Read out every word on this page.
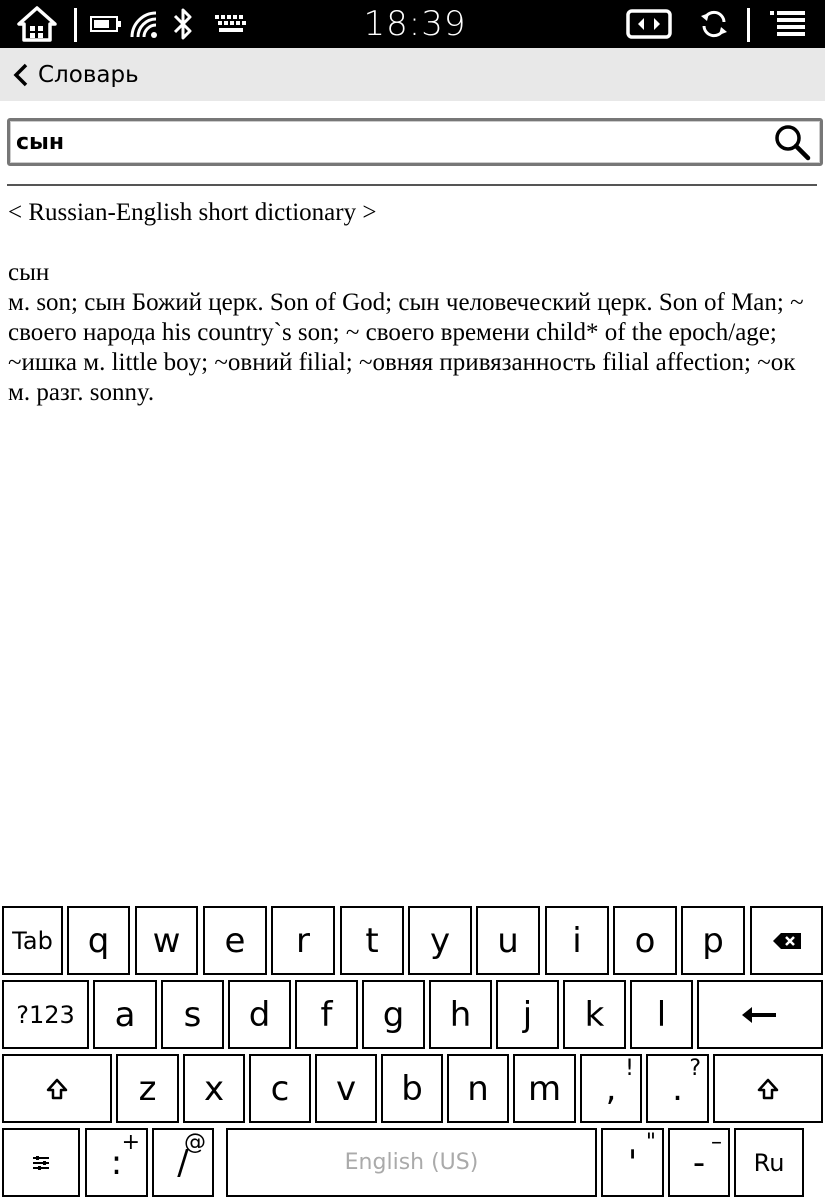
18:39
Словарь
сын
< Russian-English short dictionary >
сын
м. son; сын Божий церк. Son of God; сын человеческий церк. Son of Man; ~ своего народа his country`s son; ~ своего времени child* of the epoch/age; ~ишка м. little boy; ~овний filial; ~овняя привязанность filial affection; ~ок м. разг. sonny.
Tab	q	w	e	r	t	y	u	i	o	p
?123	a	s	d	f	g	h	j	k	l
z	x	c	v	b	n	m	, ! . ?
: + /
@
English (US)	' " - –
Ru
